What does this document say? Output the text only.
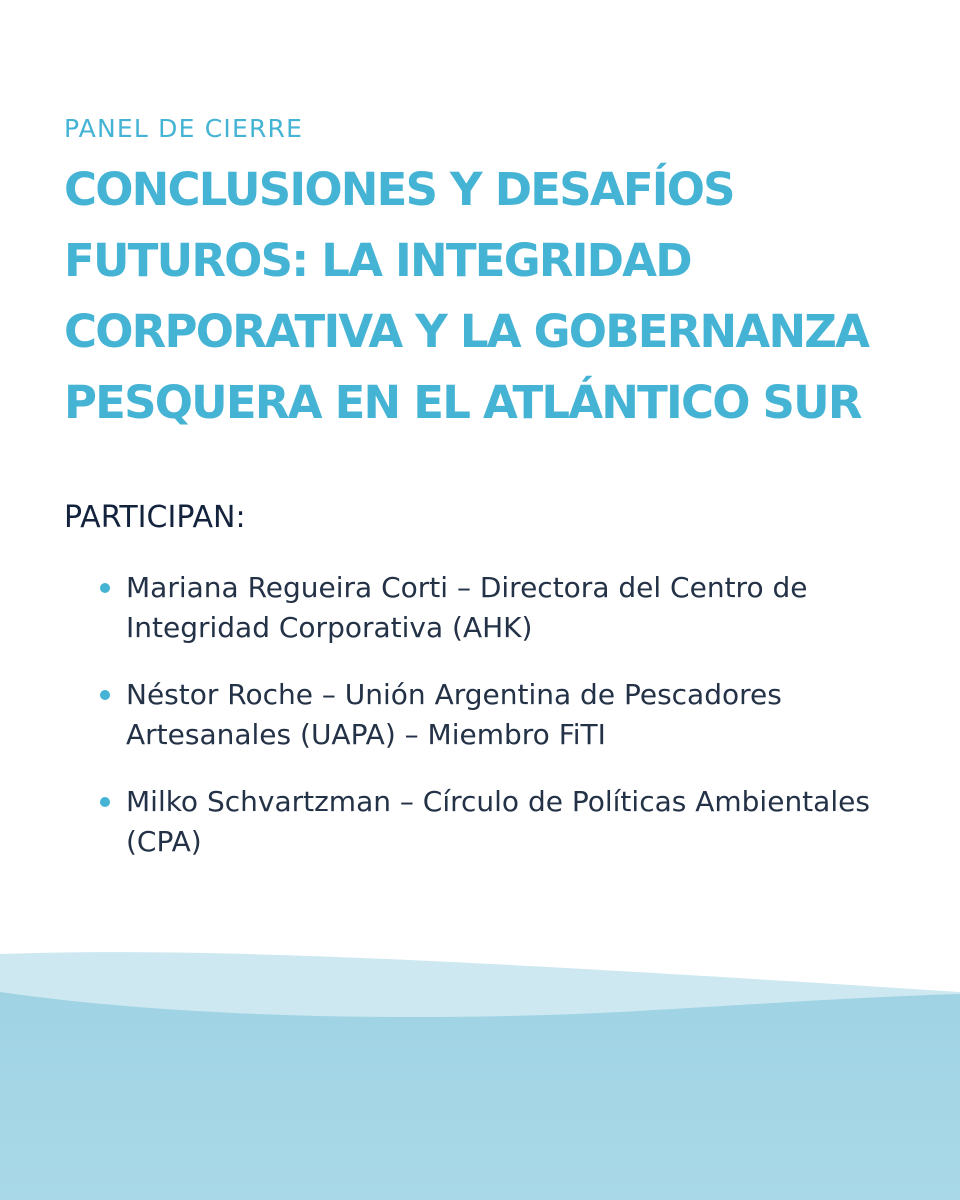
PANEL DE CIERRE

CONCLUSIONES Y DESAFÍOS FUTUROS: LA INTEGRIDAD CORPORATIVA Y LA GOBERNANZA PESQUERA EN EL ATLÁNTICO SUR

PARTICIPAN:

Mariana Regueira Corti – Directora del Centro de Integridad Corporativa (AHK)
Néstor Roche – Unión Argentina de Pescadores Artesanales (UAPA) – Miembro FiTI
Milko Schvartzman – Círculo de Políticas Ambientales (CPA)
